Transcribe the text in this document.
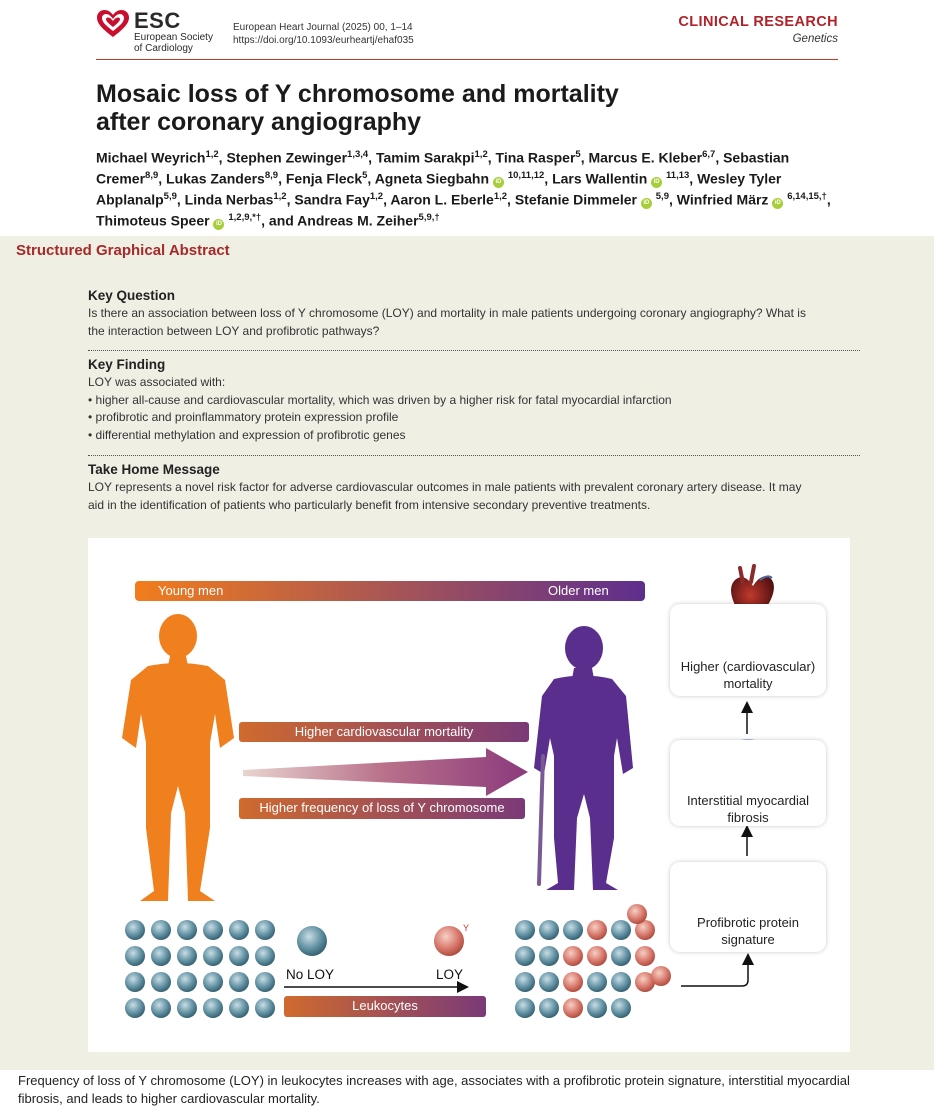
ESC
European Society
of Cardiology
European Heart Journal (2025) 00, 1–14
https://doi.org/10.1093/eurheartj/ehaf035
CLINICAL RESEARCH
Genetics
Mosaic loss of Y chromosome and mortality
after coronary angiography
Michael Weyrich$^{1,2}$, Stephen Zewinger$^{1,3,4}$, Tamim Sarakpi$^{1,2}$, Tina Rasper$^5$, Marcus E. Kleber$^{6,7}$, Sebastian Cremer$^{8,9}$, Lukas Zanders$^{8,9}$, Fenja Fleck$^5$, Agneta Siegbahn iD $^{10,11,12}$, Lars Wallentin iD $^{11,13}$, Wesley Tyler Abplanalp$^{5,9}$, Linda Nerbas$^{1,2}$, Sandra Fay$^{1,2}$, Aaron L. Eberle$^{1,2}$, Stefanie Dimmeler iD $^{5,9}$, Winfried März iD $^{6,14,15,\dagger}$, Thimoteus Speer iD $^{1,2,9,*\dagger}$, and Andreas M. Zeiher$^{5,9,\dagger}$
Structured Graphical Abstract
Key Question

Is there an association between loss of Y chromosome (LOY) and mortality in male patients undergoing coronary angiography? What is
the interaction between LOY and profibrotic pathways?

Key Finding

LOY was associated with:

• higher all-cause and cardiovascular mortality, which was driven by a higher risk for fatal myocardial infarction
• profibrotic and proinflammatory protein expression profile
• differential methylation and expression of profibrotic genes
Take Home Message

LOY represents a novel risk factor for adverse cardiovascular outcomes in male patients with prevalent coronary artery disease. It may
aid in the identification of patients who particularly benefit from intensive secondary preventive treatments.

Y
Young men	Older men
Higher cardiovascular mortality
Higher frequency of loss of Y chromosome
Leukocytes
No LOY	LOY
Higher (cardiovascular)
mortality
Interstitial myocardial
fibrosis
Profibrotic protein
signature
Frequency of loss of Y chromosome (LOY) in leukocytes increases with age, associates with a profibrotic protein signature, interstitial myocardial
fibrosis, and leads to higher cardiovascular mortality.
